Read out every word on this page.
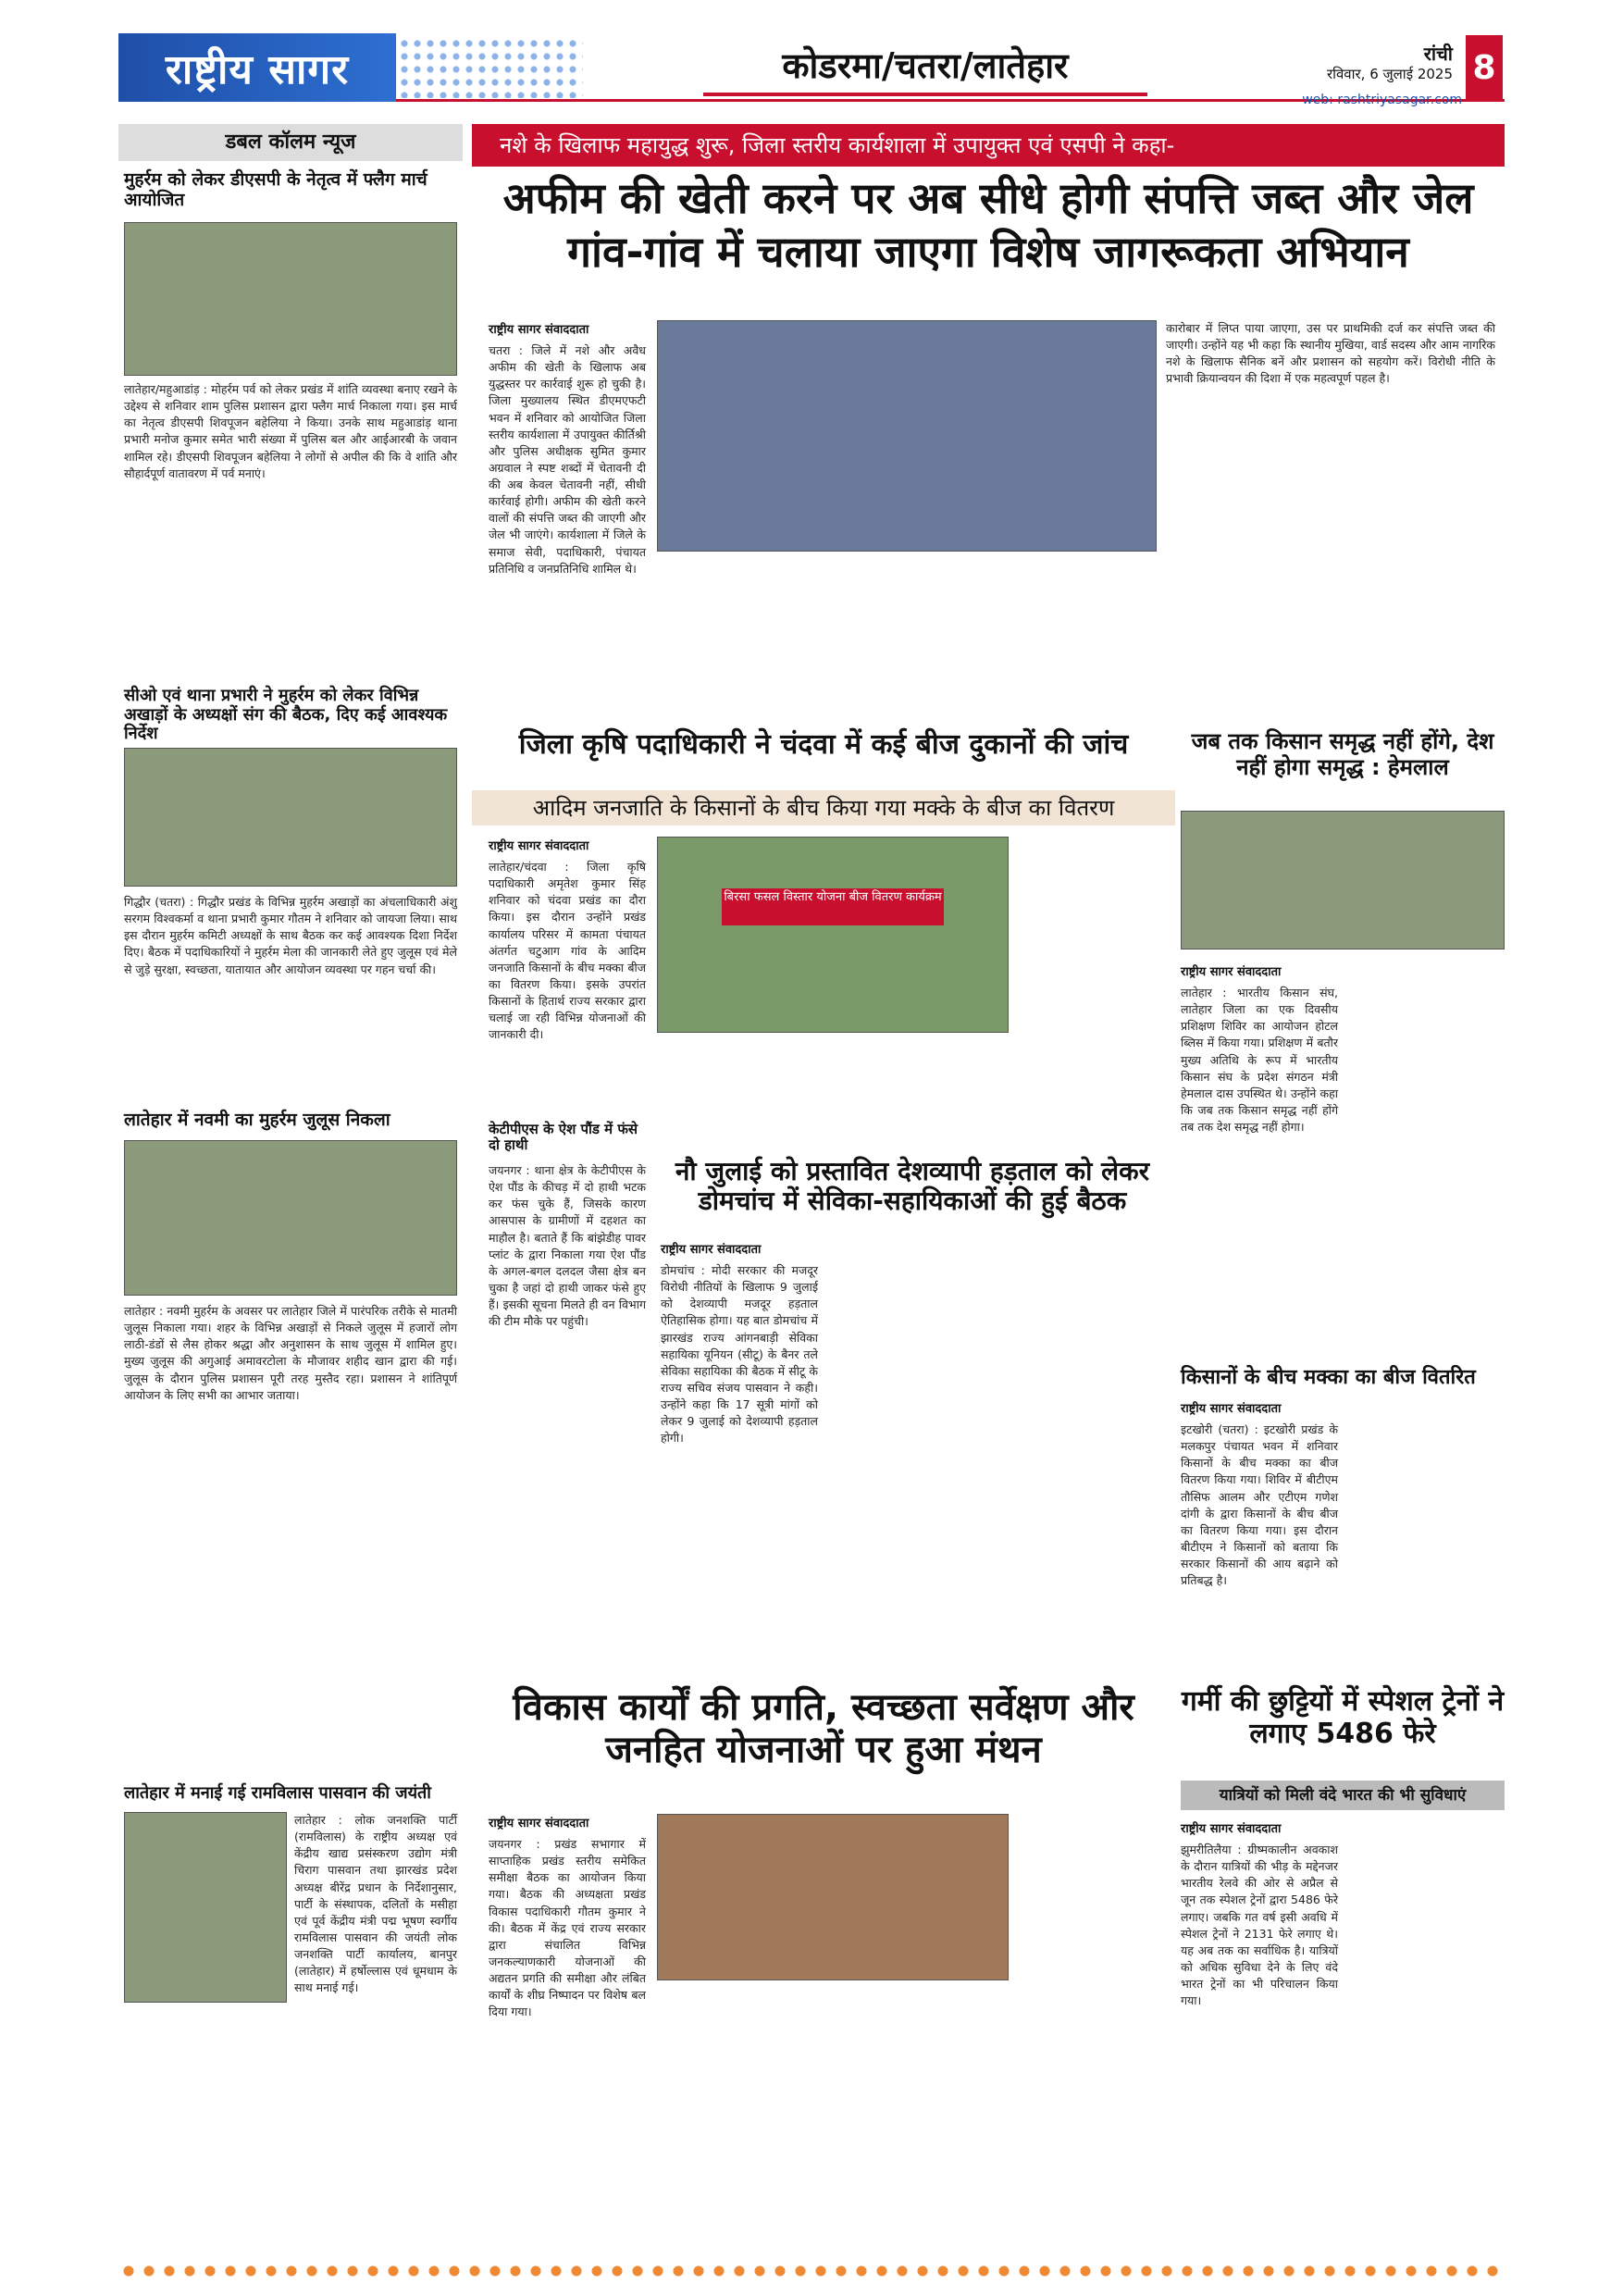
राष्ट्रीय सागर	कोडरमा/चतरा/लातेहार	रांची
रविवार, 6 जुलाई 2025
web: rashtriyasagar.com
8
डबल कॉलम न्यूज
मुहर्रम को लेकर डीएसपी के नेतृत्व में फ्लैग मार्च आयोजित
लातेहार/महुआडांड़ : मोहर्रम पर्व को लेकर प्रखंड में शांति व्यवस्था बनाए रखने के उद्देश्य से शनिवार शाम पुलिस प्रशासन द्वारा फ्लैग मार्च निकाला गया। इस मार्च का नेतृत्व डीएसपी शिवपूजन बहेलिया ने किया। उनके साथ महुआडांड़ थाना प्रभारी मनोज कुमार समेत भारी संख्या में पुलिस बल और आईआरबी के जवान शामिल रहे। डीएसपी शिवपूजन बहेलिया ने लोगों से अपील की कि वे शांति और सौहार्दपूर्ण वातावरण में पर्व मनाएं।
सीओ एवं थाना प्रभारी ने मुहर्रम को लेकर विभिन्न अखाड़ों के अध्यक्षों संग की बैठक, दिए कई आवश्यक निर्देश
गिद्धौर (चतरा) : गिद्धौर प्रखंड के विभिन्न मुहर्रम अखाड़ों का अंचलाधिकारी अंशु सरगम विश्वकर्मा व थाना प्रभारी कुमार गौतम ने शनिवार को जायजा लिया। साथ इस दौरान मुहर्रम कमिटी अध्यक्षों के साथ बैठक कर कई आवश्यक दिशा निर्देश दिए। बैठक में पदाधिकारियों ने मुहर्रम मेला की जानकारी लेते हुए जुलूस एवं मेले से जुड़े सुरक्षा, स्वच्छता, यातायात और आयोजन व्यवस्था पर गहन चर्चा की।
लातेहार में नवमी का मुहर्रम जुलूस निकला
लातेहार : नवमी मुहर्रम के अवसर पर लातेहार जिले में पारंपरिक तरीके से मातमी जुलूस निकाला गया। शहर के विभिन्न अखाड़ों से निकले जुलूस में हजारों लोग लाठी-डंडों से लैस होकर श्रद्धा और अनुशासन के साथ जुलूस में शामिल हुए। मुख्य जुलूस की अगुआई अमावरटोला के मौजावर शहीद खान द्वारा की गई। जुलूस के दौरान पुलिस प्रशासन पूरी तरह मुस्तैद रहा। प्रशासन ने शांतिपूर्ण आयोजन के लिए सभी का आभार जताया।
लातेहार में मनाई गई रामविलास पासवान की जयंती
लातेहार : लोक जनशक्ति पार्टी (रामविलास) के राष्ट्रीय अध्यक्ष एवं केंद्रीय खाद्य प्रसंस्करण उद्योग मंत्री चिराग पासवान तथा झारखंड प्रदेश अध्यक्ष बीरेंद्र प्रधान के निर्देशानुसार, पार्टी के संस्थापक, दलितों के मसीहा एवं पूर्व केंद्रीय मंत्री पद्म भूषण स्वर्गीय रामविलास पासवान की जयंती लोक जनशक्ति पार्टी कार्यालय, बानपुर (लातेहार) में हर्षोल्लास एवं धूमधाम के साथ मनाई गई।
नशे के खिलाफ महायुद्ध शुरू, जिला स्तरीय कार्यशाला में उपायुक्त एवं एसपी ने कहा-
अफीम की खेती करने पर अब सीधे होगी संपत्ति जब्त और जेल गांव-गांव में चलाया जाएगा विशेष जागरूकता अभियान
राष्ट्रीय सागर संवाददाता
चतरा : जिले में नशे और अवैध अफीम की खेती के खिलाफ अब युद्धस्तर पर कार्रवाई शुरू हो चुकी है। जिला मुख्यालय स्थित डीएमएफटी भवन में शनिवार को आयोजित जिला स्तरीय कार्यशाला में उपायुक्त कीर्तिश्री और पुलिस अधीक्षक सुमित कुमार अग्रवाल ने स्पष्ट शब्दों में चेतावनी दी की अब केवल चेतावनी नहीं, सीधी कार्रवाई होगी। अफीम की खेती करने वालों की संपत्ति जब्त की जाएगी और जेल भी जाएंगे। कार्यशाला में जिले के समाज सेवी, पदाधिकारी, पंचायत प्रतिनिधि व जनप्रतिनिधि शामिल थे।
कारोबार में लिप्त पाया जाएगा, उस पर प्राथमिकी दर्ज कर संपत्ति जब्त की जाएगी। उन्होंने यह भी कहा कि स्थानीय मुखिया, वार्ड सदस्य और आम नागरिक नशे के खिलाफ सैनिक बनें और प्रशासन को सहयोग करें। विरोधी नीति के प्रभावी क्रियान्वयन की दिशा में एक महत्वपूर्ण पहल है।
जिला कृषि पदाधिकारी ने चंदवा में कई बीज दुकानों की जांच
आदिम जनजाति के किसानों के बीच किया गया मक्के के बीज का वितरण
राष्ट्रीय सागर संवाददाता
लातेहार/चंदवा : जिला कृषि पदाधिकारी अमृतेश कुमार सिंह शनिवार को चंदवा प्रखंड का दौरा किया। इस दौरान उन्होंने प्रखंड कार्यालय परिसर में कामता पंचायत अंतर्गत चटुआग गांव के आदिम जनजाति किसानों के बीच मक्का बीज का वितरण किया। इसके उपरांत किसानों के हितार्थ राज्य सरकार द्वारा चलाई जा रही विभिन्न योजनाओं की जानकारी दी।
बिरसा फसल विस्तार योजना बीज वितरण कार्यक्रम
जब तक किसान समृद्ध नहीं होंगे, देश नहीं होगा समृद्ध : हेमलाल
राष्ट्रीय सागर संवाददाता
लातेहार : भारतीय किसान संघ, लातेहार जिला का एक दिवसीय प्रशिक्षण शिविर का आयोजन होटल ब्लिस में किया गया। प्रशिक्षण में बतौर मुख्य अतिथि के रूप में भारतीय किसान संघ के प्रदेश संगठन मंत्री हेमलाल दास उपस्थित थे। उन्होंने कहा कि जब तक किसान समृद्ध नहीं होंगे तब तक देश समृद्ध नहीं होगा।
केटीपीएस के ऐश पौंड में फंसे दो हाथी
जयनगर : थाना क्षेत्र के केटीपीएस के ऐश पौंड के कीचड़ में दो हाथी भटक कर फंस चुके हैं, जिसके कारण आसपास के ग्रामीणों में दहशत का माहौल है। बताते हैं कि बांझेडीह पावर प्लांट के द्वारा निकाला गया ऐश पौंड के अगल-बगल दलदल जैसा क्षेत्र बन चुका है जहां दो हाथी जाकर फंसे हुए हैं। इसकी सूचना मिलते ही वन विभाग की टीम मौके पर पहुंची।
नौ जुलाई को प्रस्तावित देशव्यापी हड़ताल को लेकर डोमचांच में सेविका-सहायिकाओं की हुई बैठक
राष्ट्रीय सागर संवाददाता
डोमचांच : मोदी सरकार की मजदूर विरोधी नीतियों के खिलाफ 9 जुलाई को देशव्यापी मजदूर हड़ताल ऐतिहासिक होगा। यह बात डोमचांच में झारखंड राज्य आंगनबाड़ी सेविका सहायिका यूनियन (सीटू) के बैनर तले सेविका सहायिका की बैठक में सीटू के राज्य सचिव संजय पासवान ने कही। उन्होंने कहा कि 17 सूत्री मांगों को लेकर 9 जुलाई को देशव्यापी हड़ताल होगी।
किसानों के बीच मक्का का बीज वितरित
राष्ट्रीय सागर संवाददाता
इटखोरी (चतरा) : इटखोरी प्रखंड के मलकपुर पंचायत भवन में शनिवार किसानों के बीच मक्का का बीज वितरण किया गया। शिविर में बीटीएम तौसिफ आलम और एटीएम गणेश दांगी के द्वारा किसानों के बीच बीज का वितरण किया गया। इस दौरान बीटीएम ने किसानों को बताया कि सरकार किसानों की आय बढ़ाने को प्रतिबद्ध है।
विकास कार्यों की प्रगति, स्वच्छता सर्वेक्षण और जनहित योजनाओं पर हुआ मंथन
राष्ट्रीय सागर संवाददाता
जयनगर : प्रखंड सभागार में साप्ताहिक प्रखंड स्तरीय समेकित समीक्षा बैठक का आयोजन किया गया। बैठक की अध्यक्षता प्रखंड विकास पदाधिकारी गौतम कुमार ने की। बैठक में केंद्र एवं राज्य सरकार द्वारा संचालित विभिन्न जनकल्याणकारी योजनाओं की अद्यतन प्रगति की समीक्षा और लंबित कार्यों के शीघ्र निष्पादन पर विशेष बल दिया गया।
गर्मी की छुट्टियों में स्पेशल ट्रेनों ने लगाए 5486 फेरे
यात्रियों को मिली वंदे भारत की भी सुविधाएं
राष्ट्रीय सागर संवाददाता
झुमरीतिलैया : ग्रीष्मकालीन अवकाश के दौरान यात्रियों की भीड़ के मद्देनजर भारतीय रेलवे की ओर से अप्रैल से जून तक स्पेशल ट्रेनों द्वारा 5486 फेरे लगाए। जबकि गत वर्ष इसी अवधि में स्पेशल ट्रेनों ने 2131 फेरे लगाए थे। यह अब तक का सर्वाधिक है। यात्रियों को अधिक सुविधा देने के लिए वंदे भारत ट्रेनों का भी परिचालन किया गया।
